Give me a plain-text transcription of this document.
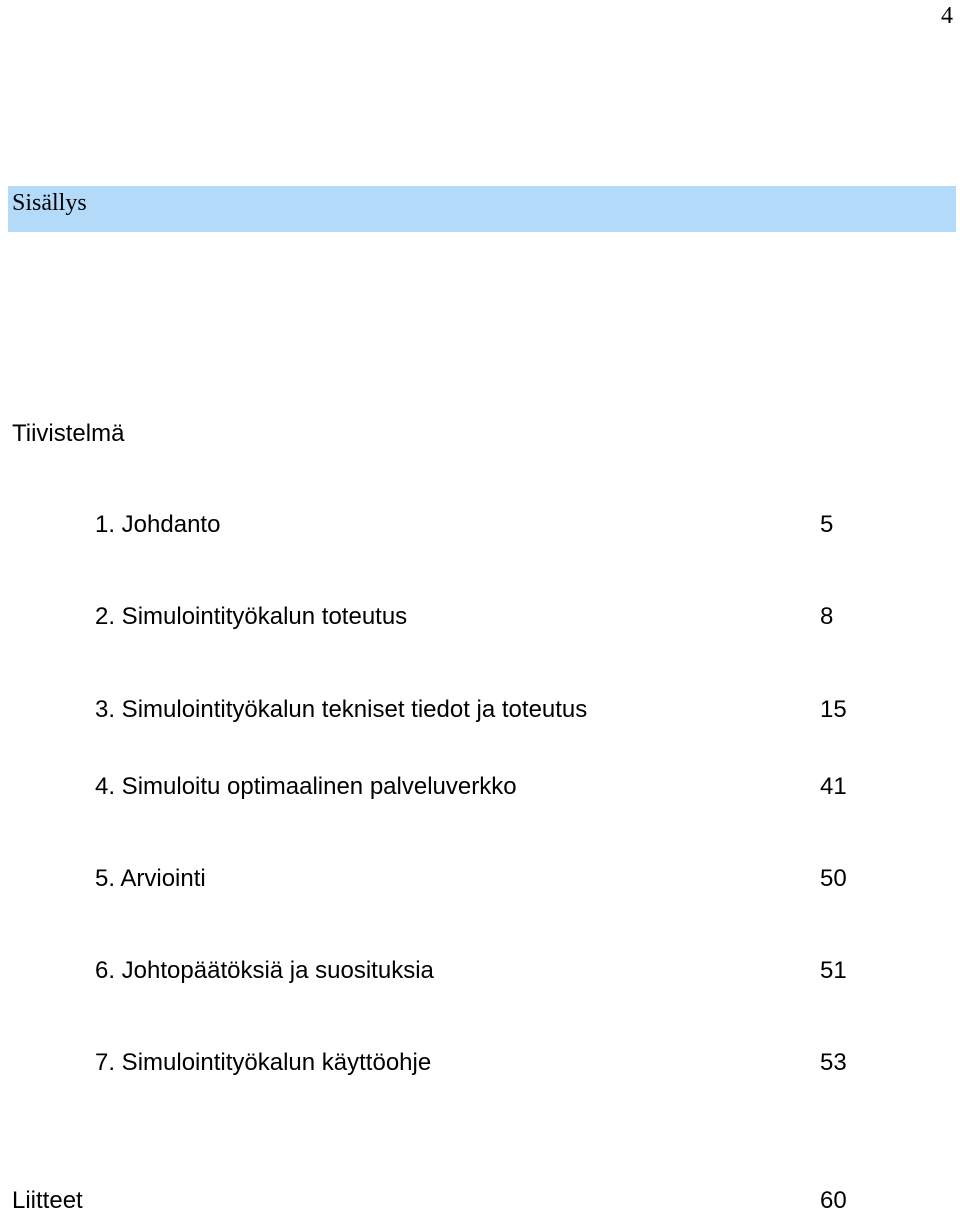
4
Sisällys
Tiivistelmä
1. Johdanto	5
2. Simulointityökalun toteutus	8
3. Simulointityökalun tekniset tiedot ja toteutus	15
4. Simuloitu optimaalinen palveluverkko	41
5. Arviointi	50
6. Johtopäätöksiä ja suosituksia	51
7. Simulointityökalun käyttöohje	53
Liitteet	60
